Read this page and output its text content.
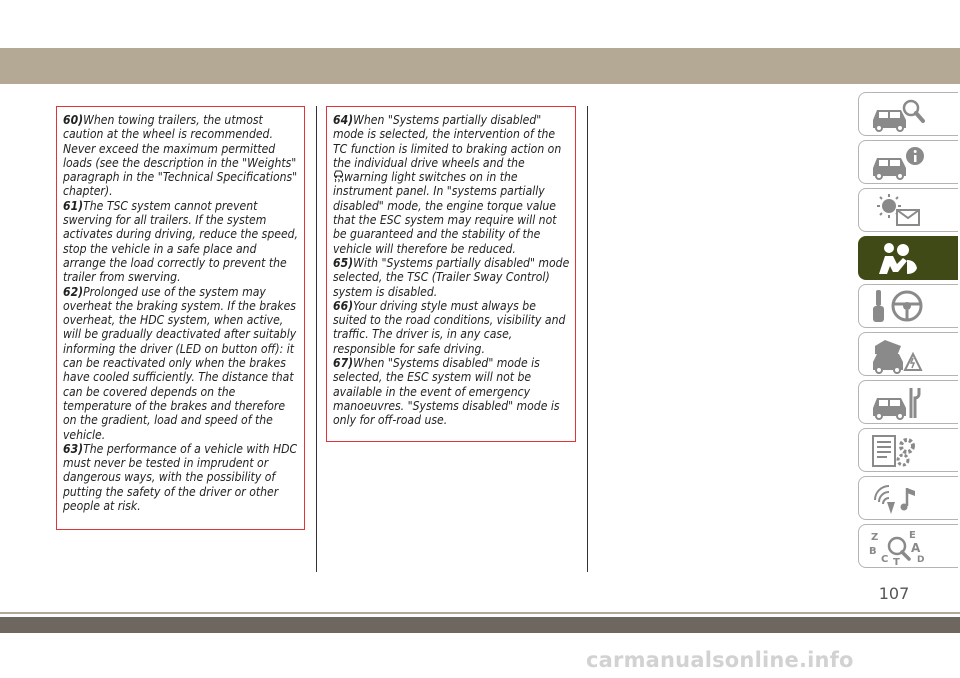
60)When towing trailers, the utmost caution at the wheel is recommended. Never exceed the maximum permitted loads (see the description in the "Weights" paragraph in the "Technical Specifications" chapter).

61)The TSC system cannot prevent swerving for all trailers. If the system activates during driving, reduce the speed, stop the vehicle in a safe place and arrange the load correctly to prevent the trailer from swerving.

62)Prolonged use of the system may overheat the braking system. If the brakes overheat, the HDC system, when active, will be gradually deactivated after suitably informing the driver (LED on button off): it can be reactivated only when the brakes have cooled sufficiently. The distance that can be covered depends on the temperature of the brakes and therefore on the gradient, load and speed of the vehicle.

63)The performance of a vehicle with HDC must never be tested in imprudent or dangerous ways, with the possibility of putting the safety of the driver or other people at risk.

64)When "Systems partially disabled" mode is selected, the intervention of the TC function is limited to braking action on the individual drive wheels and the
warning light switches on in the instrument panel. In "systems partially disabled" mode, the engine torque value that the ESC system may require will not be guaranteed and the stability of the vehicle will therefore be reduced.

65)With "Systems partially disabled" mode selected, the TSC (Trailer Sway Control) system is disabled.

66)Your driving style must always be suited to the road conditions, visibility and traffic. The driver is, in any case, responsible for safe driving.

67)When "Systems disabled" mode is selected, the ESC system will not be available in the event of emergency manoeuvres. "Systems disabled" mode is only for off-road use.

Z	E
B	A
C	D
T
107
carmanualsonline.info
